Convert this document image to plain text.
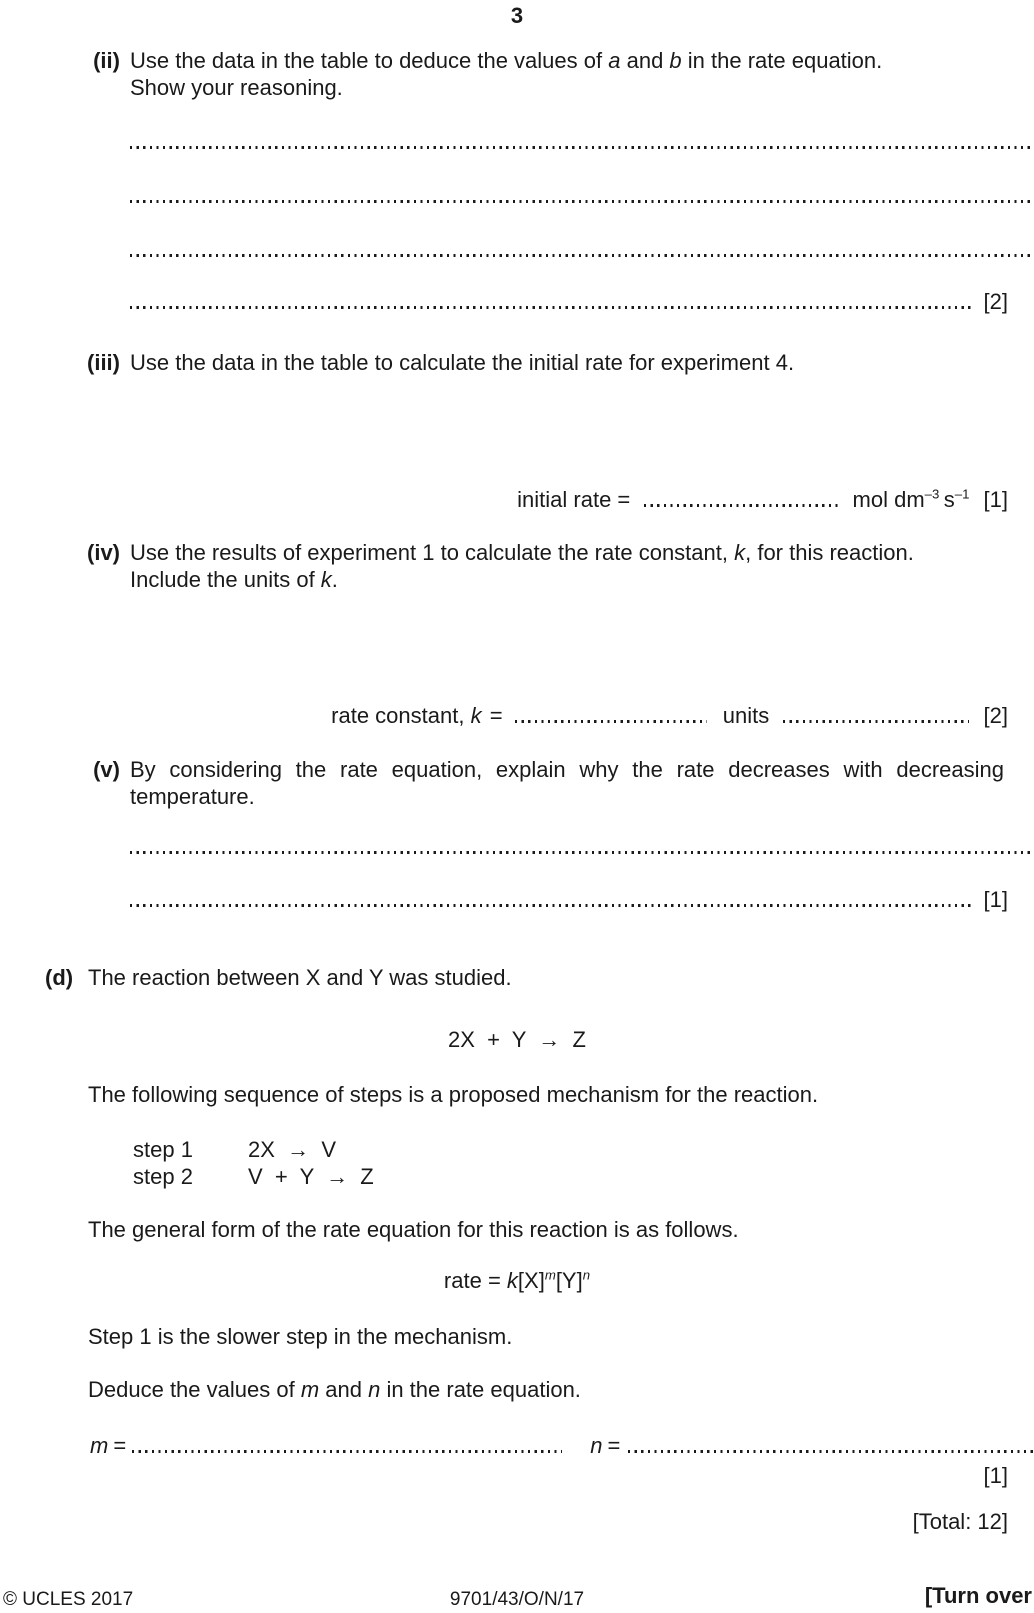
3
(ii) Use the data in the table to deduce the values of a and b in the rate equation.
Show your reasoning.
[2]
(iii) Use the data in the table to calculate the initial rate for experiment 4.
initial rate =	mol $dm^{-3}$  $s^{-1}$ [1]
(iv) Use the results of experiment 1 to calculate the rate constant, k, for this reaction.
Include the units of k.
rate constant, k =	units	[2]
(v) By considering the rate equation, explain why the rate decreases with decreasing
temperature.
[1]
(d) The reaction between X and Y was studied.
2X  +  Y  →  Z
The following sequence of steps is a proposed mechanism for the reaction.
step 1	2X  →  V
step 2	V  +  Y  →  Z
The general form of the rate equation for this reaction is as follows.
rate = $k[X]^m[Y]^n$
Step 1 is the slower step in the mechanism.
Deduce the values of m and n in the rate equation.
m =	n =
[1]
[Total: 12]
© UCLES 2017	9701/43/O/N/17	[Turn over
